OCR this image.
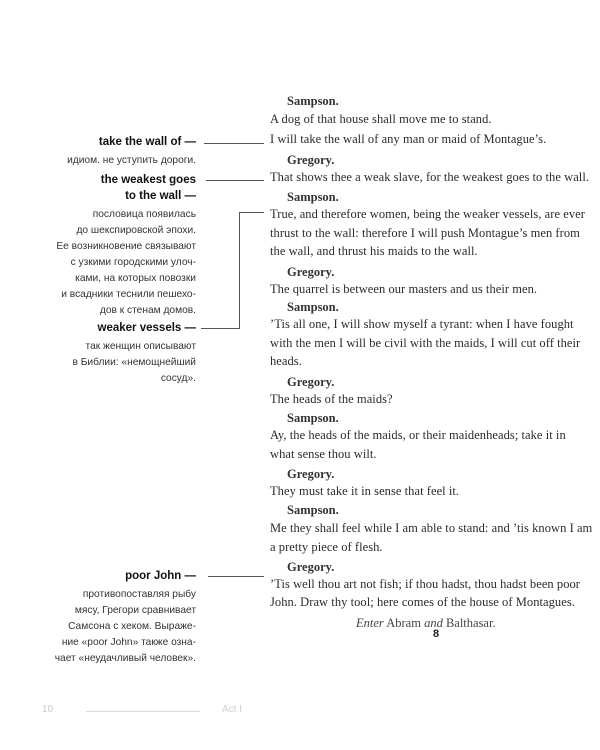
Sampson.
A dog of that house shall move me to stand.
I will take the wall of any man or maid of Montague’s.
Gregory.
That shows thee a weak slave, for the weakest goes to the wall.
Sampson.
True, and therefore women, being the weaker vessels, are ever
thrust to the wall: therefore I will push Montague’s men from
the wall, and thrust his maids to the wall.
Gregory.
The quarrel is between our masters and us their men.
Sampson.
’Tis all one, I will show myself a tyrant: when I have fought
with the men I will be civil with the maids, I will cut off their
heads.
Gregory.
The heads of the maids?
Sampson.
Ay, the heads of the maids, or their maidenheads; take it in
what sense thou wilt.
Gregory.
They must take it in sense that feel it.
Sampson.
Me they shall feel while I am able to stand: and ’tis known I am
a pretty piece of flesh.
Gregory.
’Tis well thou art not fish; if thou hadst, thou hadst been poor
John. Draw thy tool; here comes of the house of Montagues.
Enter Abram and Balthasar.
8
take the wall of —
идиом. не уступить дороги.
the weakest goes
to the wall —
пословица появилась
до шекспировской эпохи.
Ее возникновение связывают
с узкими городскими улоч-
ками, на которых повозки
и всадники теснили пешехо-
дов к стенам домов.
weaker vessels —
так женщин описывают
в Библии: «немощнейший
сосуд».
poor John —
противопоставляя рыбу
мясу, Грегори сравнивает
Самсона с хеком. Выраже-
ние «poor John» также озна-
чает «неудачливый человек».
10	Act I
